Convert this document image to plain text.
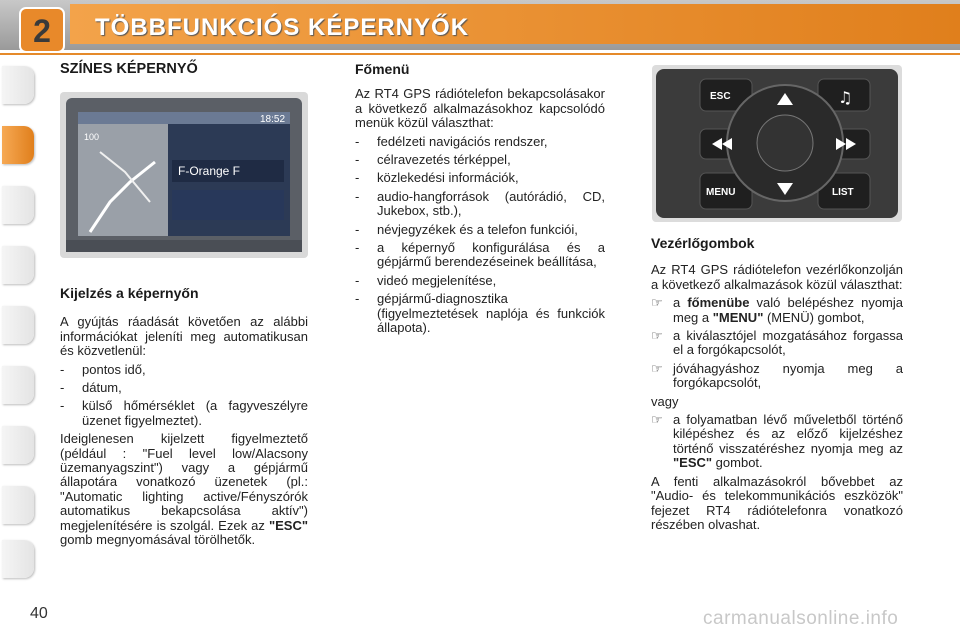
2 TÖBBFUNKCIÓS KÉPERNYŐK
SZÍNES KÉPERNYŐ
18:52
100
F-Orange F
Kijelzés a képernyőn

A gyújtás ráadását követően az alábbi információkat jeleníti meg automatikusan és közvetlenül:

- pontos idő,
- dátum,
- külső hőmérséklet (a fagyveszélyre üzenet figyelmeztet).

Ideiglenesen kijelzett figyelmeztető (például : "Fuel level low/Alacsony üzemanyagszint") vagy a gépjármű állapotára vonatkozó üzenetek (pl.: "Automatic lighting active/Fényszórók automatikus bekapcsolása aktív") megjelenítésére is szolgál. Ezek az "ESC" gomb megnyomásával törölhetők.

Főmenü

Az RT4 GPS rádiótelefon bekapcsolásakor a következő alkalmazásokhoz kapcsolódó menük közül választhat:

- fedélzeti navigációs rendszer,
- célravezetés térképpel,
- közlekedési információk,
- audio-hangforrások (autórádió, CD, Jukebox, stb.),
- névjegyzékek és a telefon funkciói,
- a képernyő konfigurálása és a gépjármű berendezéseinek beállítása,
- videó megjelenítése,
- gépjármű-diagnosztika (figyelmeztetések naplója és funkciók állapota).
ESC
MENU	LIST
♫
Vezérlőgombok

Az RT4 GPS rádiótelefon vezérlőkonzolján a következő alkalmazások közül választhat:

☞ a főmenübe való belépéshez nyomja meg a "MENU" (MENÜ) gombot,
☞ a kiválasztójel mozgatásához forgassa el a forgókapcsolót,
☞ jóváhagyáshoz nyomja meg a forgókapcsolót,

vagy

☞ a folyamatban lévő műveletből történő kilépéshez és az előző kijelzéshez történő visszatéréshez nyomja meg az "ESC" gombot.

A fenti alkalmazásokról bővebbet az "Audio- és telekommunikációs eszközök" fejezet RT4 rádiótelefonra vonatkozó részében olvashat.

40	carmanualsonline.info
